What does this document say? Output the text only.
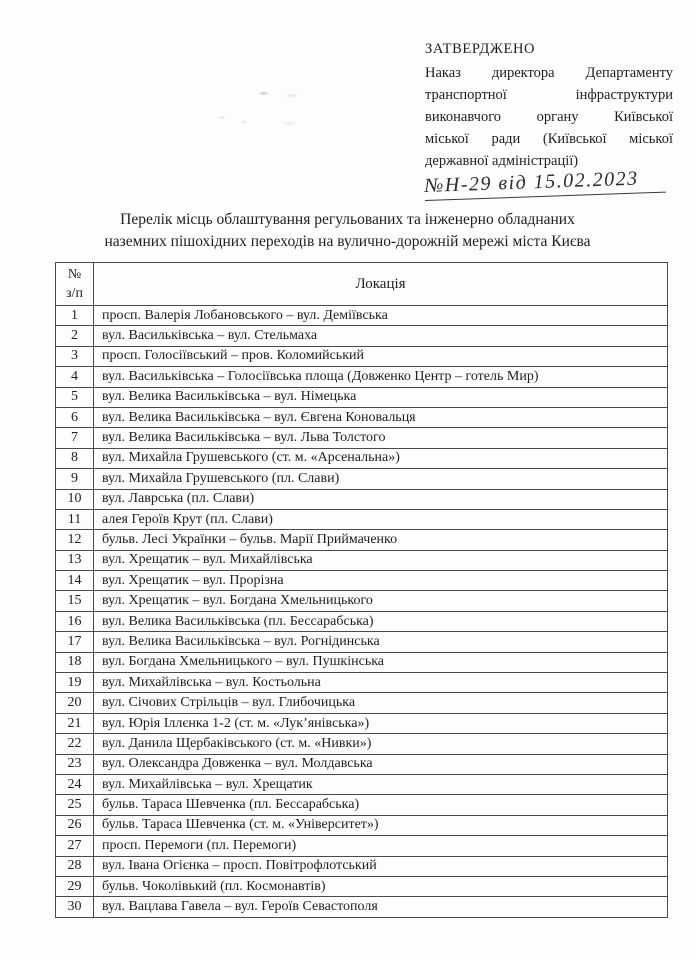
ЗАТВЕРДЖЕНО
Наказ директора Департаменту
транспортної інфраструктури
виконавчого органу Київської
міської ради (Київської міської
державної адміністрації)
№Н-29 від 15.02.2023
Перелік місць облаштування регульованих та інженерно обладнаних
наземних пішохідних переходів на вулично-дорожній мережі міста Києва
№
з/п	Локація
1	просп. Валерія Лобановського – вул. Деміївська
2	вул. Васильківська – вул. Стельмаха
3	просп. Голосіївський – пров. Коломийський
4	вул. Васильківська – Голосіївська площа (Довженко Центр – готель Мир)
5	вул. Велика Васильківська – вул. Німецька
6	вул. Велика Васильківська – вул. Євгена Коновальця
7	вул. Велика Васильківська – вул. Льва Толстого
8	вул. Михайла Грушевського (ст. м. «Арсенальна»)
9	вул. Михайла Грушевського (пл. Слави)
10	вул. Лаврська (пл. Слави)
11	алея Героїв Крут (пл. Слави)
12	бульв. Лесі Українки – бульв. Марії Приймаченко
13	вул. Хрещатик – вул. Михайлівська
14	вул. Хрещатик – вул. Прорізна
15	вул. Хрещатик – вул. Богдана Хмельницького
16	вул. Велика Васильківська (пл. Бессарабська)
17	вул. Велика Васильківська – вул. Рогнідинська
18	вул. Богдана Хмельницького – вул. Пушкінська
19	вул. Михайлівська – вул. Костьольна
20	вул. Січових Стрільців – вул. Глибочицька
21	вул. Юрія Іллєнка 1-2 (ст. м. «Лук’янівська»)
22	вул. Данила Щербаківського (ст. м. «Нивки»)
23	вул. Олександра Довженка – вул. Молдавська
24	вул. Михайлівська – вул. Хрещатик
25	бульв. Тараса Шевченка (пл. Бессарабська)
26	бульв. Тараса Шевченка (ст. м. «Університет»)
27	просп. Перемоги (пл. Перемоги)
28	вул. Івана Огієнка – просп. Повітрофлотський
29	бульв. Чоколівький (пл. Космонавтів)
30	вул. Вацлава Гавела – вул. Героїв Севастополя
